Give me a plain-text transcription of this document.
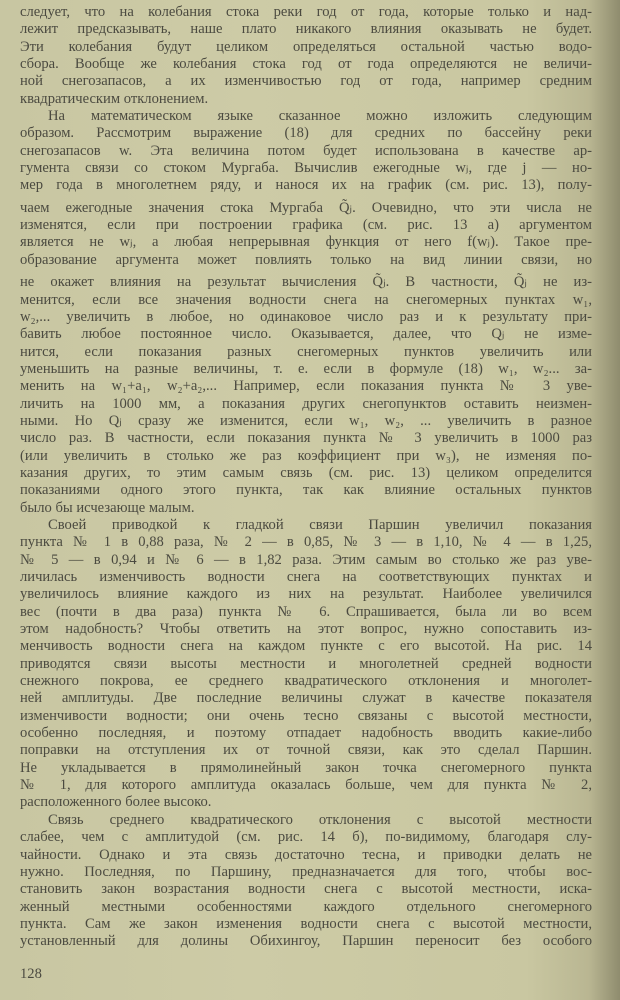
следует, что на колебания стока реки год от года, которые только и над-
лежит предсказывать, наше плато никакого влияния оказывать не будет.
Эти колебания будут целиком определяться остальной частью водо-
сбора. Вообще же колебания стока год от года определяются не величи-
ной снегозапасов, а их изменчивостью год от года, например средним
квадратическим отклонением.
На математическом языке сказанное можно изложить следующим
образом. Рассмотрим выражение (18) для средних по бассейну реки
снегозапасов w. Эта величина потом будет использована в качестве ар-
гумента связи со стоком Мургаба. Вычислив ежегодные wⱼ, где j — но-
мер года в многолетнем ряду, и нанося их на график (см. рис. 13), полу-
чаем ежегодные значения стока Мургаба Q̃ⱼ. Очевидно, что эти числа не
изменятся, если при построении графика (см. рис. 13 a) аргументом
является не wⱼ, а любая непрерывная функция от него f(wⱼ). Такое пре-
образование аргумента может повлиять только на вид линии связи, но
не окажет влияния на результат вычисления Q̃ⱼ. В частности, Q̃ⱼ не из-
менится, если все значения водности снега на снегомерных пунктах w₁,
w₂,... увеличить в любое, но одинаковое число раз и к результату при-
бавить любое постоянное число. Оказывается, далее, что Qⱼ не изме-
нится, если показания разных снегомерных пунктов увеличить или
уменьшить на разные величины, т. е. если в формуле (18) w₁, w₂... за-
менить на w₁+a₁, w₂+a₂,... Например, если показания пункта № 3 уве-
личить на 1000 мм, а показания других снегопунктов оставить неизмен-
ными. Но Qⱼ сразу же изменится, если w₁, w₂, ... увеличить в разное
число раз. В частности, если показания пункта № 3 увеличить в 1000 раз
(или увеличить в столько же раз коэффициент при w₃), не изменяя по-
казания других, то этим самым связь (см. рис. 13) целиком определится
показаниями одного этого пункта, так как влияние остальных пунктов
было бы исчезающе малым.
Своей приводкой к гладкой связи Паршин увеличил показания
пункта № 1 в 0,88 раза, № 2 — в 0,85, № 3 — в 1,10, № 4 — в 1,25,
№ 5 — в 0,94 и № 6 — в 1,82 раза. Этим самым во столько же раз уве-
личилась изменчивость водности снега на соответствующих пунктах и
увеличилось влияние каждого из них на результат. Наиболее увеличился
вес (почти в два раза) пункта № 6. Спрашивается, была ли во всем
этом надобность? Чтобы ответить на этот вопрос, нужно сопоставить из-
менчивость водности снега на каждом пункте с его высотой. На рис. 14
приводятся связи высоты местности и многолетней средней водности
снежного покрова, ее среднего квадратического отклонения и многолет-
ней амплитуды. Две последние величины служат в качестве показателя
изменчивости водности; они очень тесно связаны с высотой местности,
особенно последняя, и поэтому отпадает надобность вводить какие-либо
поправки на отступления их от точной связи, как это сделал Паршин.
Не укладывается в прямолинейный закон точка снегомерного пункта
№ 1, для которого амплитуда оказалась больше, чем для пункта № 2,
расположенного более высоко.
Связь среднего квадратического отклонения с высотой местности
слабее, чем с амплитудой (см. рис. 14 б), по-видимому, благодаря слу-
чайности. Однако и эта связь достаточно тесна, и приводки делать не
нужно. Последняя, по Паршину, предназначается для того, чтобы вос-
становить закон возрастания водности снега с высотой местности, иска-
женный местными особенностями каждого отдельного снегомерного
пункта. Сам же закон изменения водности снега с высотой местности,
установленный для долины Обихингоу, Паршин переносит без особого
128
